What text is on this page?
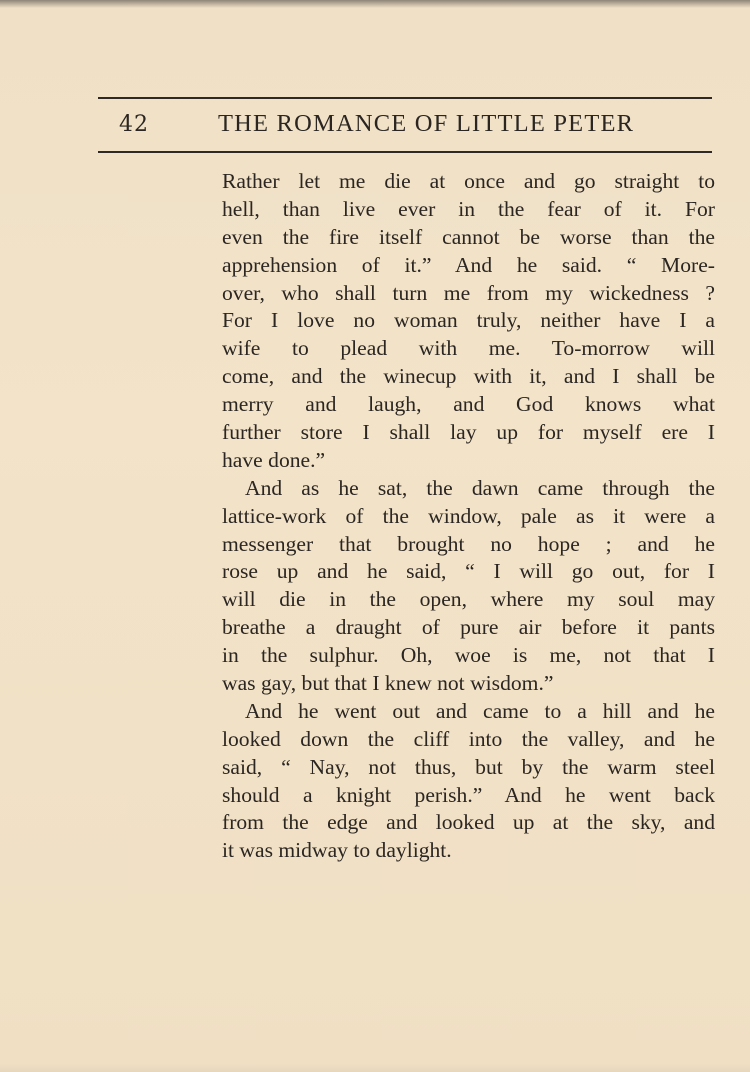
42	THE ROMANCE OF LITTLE PETER
Rather let me die at once and go straight to
hell, than live ever in the fear of it. For
even the fire itself cannot be worse than the
apprehension of it.” And he said. “ More-
over, who shall turn me from my wickedness ?
For I love no woman truly, neither have I a
wife to plead with me. To-morrow will
come, and the winecup with it, and I shall be
merry and laugh, and God knows what
further store I shall lay up for myself ere I
have done.”
And as he sat, the dawn came through the
lattice-work of the window, pale as it were a
messenger that brought no hope ; and he
rose up and he said, “ I will go out, for I
will die in the open, where my soul may
breathe a draught of pure air before it pants
in the sulphur. Oh, woe is me, not that I
was gay, but that I knew not wisdom.”
And he went out and came to a hill and he
looked down the cliff into the valley, and he
said, “ Nay, not thus, but by the warm steel
should a knight perish.” And he went back
from the edge and looked up at the sky, and
it was midway to daylight.
